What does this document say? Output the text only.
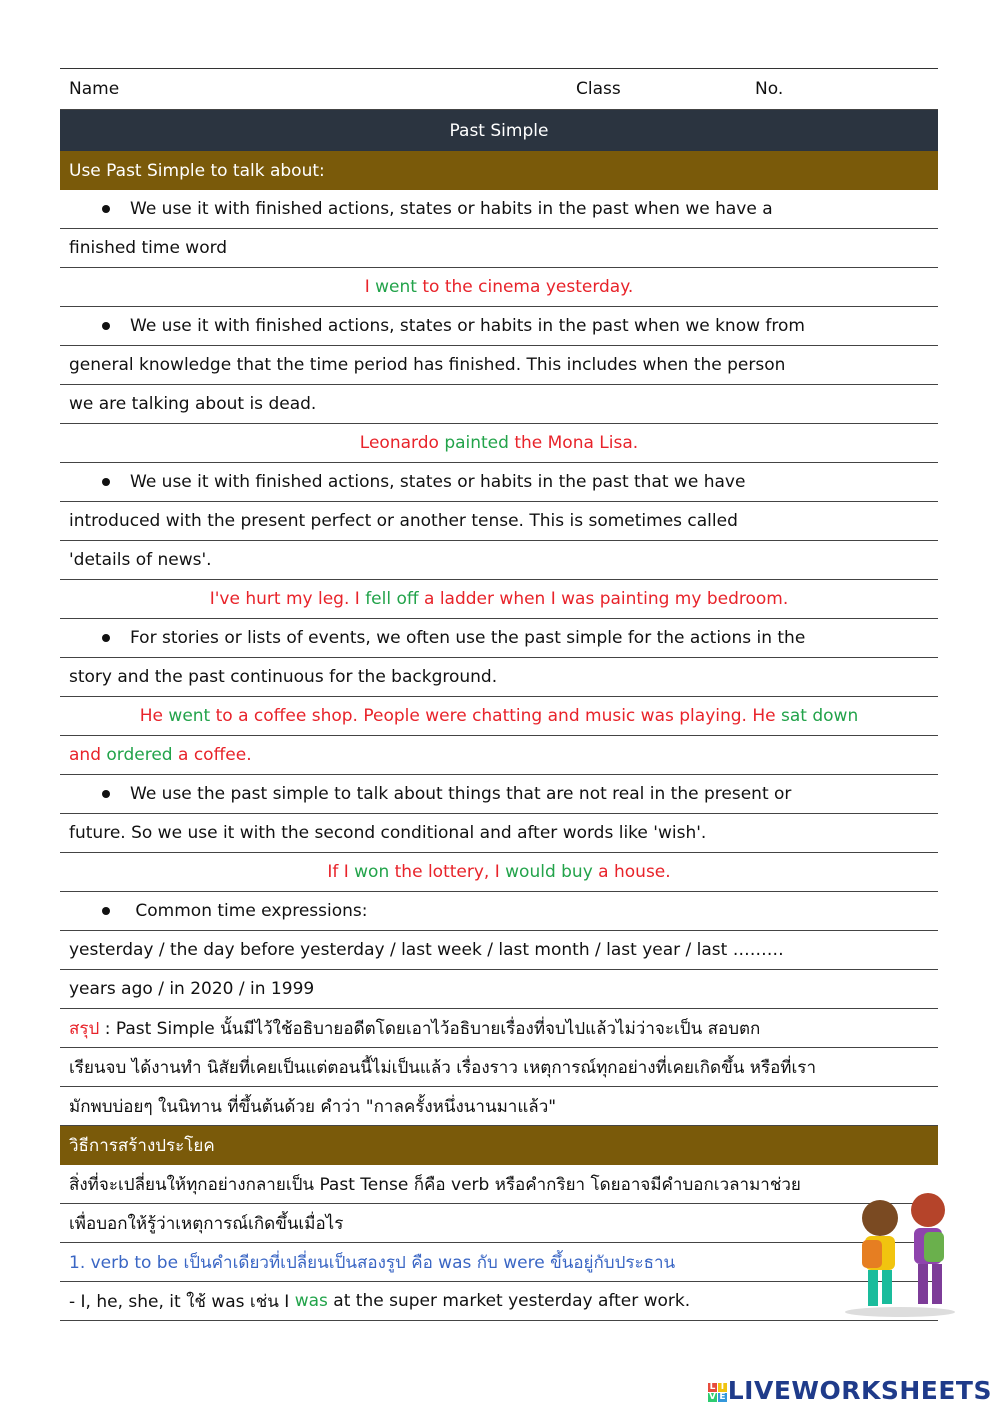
Name	Class	No.
Past Simple
Use Past Simple to talk about:
We use it with finished actions, states or habits in the past when we have a
finished time word
I went to the cinema yesterday.
We use it with finished actions, states or habits in the past when we know from
general knowledge that the time period has finished. This includes when the person
we are talking about is dead.
Leonardo painted the Mona Lisa.
We use it with finished actions, states or habits in the past that we have
introduced with the present perfect or another tense. This is sometimes called
'details of news'.
I've hurt my leg. I fell off a ladder when I was painting my bedroom.
For stories or lists of events, we often use the past simple for the actions in the
story and the past continuous for the background.
He went to a coffee shop. People were chatting and music was playing. He sat down
and ordered a coffee.
We use the past simple to talk about things that are not real in the present or
future. So we use it with the second conditional and after words like 'wish'.
If I won the lottery, I would buy a house.
Common time expressions:
yesterday / the day before yesterday / last week / last month / last year / last ………
years ago / in 2020 / in 1999
สรุป : Past Simple นั้นมีไว้ใช้อธิบายอดีตโดยเอาไว้อธิบายเรื่องที่จบไปแล้วไม่ว่าจะเป็น สอบตก
เรียนจบ ได้งานทำ นิสัยที่เคยเป็นแต่ตอนนี้ไม่เป็นแล้ว เรื่องราว เหตุการณ์ทุกอย่างที่เคยเกิดขึ้น หรือที่เรา
มักพบบ่อยๆ ในนิทาน ที่ขึ้นต้นด้วย คำว่า "กาลครั้งหนึ่งนานมาแล้ว"
วิธีการสร้างประโยค
สิ่งที่จะเปลี่ยนให้ทุกอย่างกลายเป็น Past Tense ก็คือ verb หรือคำกริยา โดยอาจมีคำบอกเวลามาช่วย
เพื่อบอกให้รู้ว่าเหตุการณ์เกิดขึ้นเมื่อไร
1. verb to be เป็นคำเดียวที่เปลี่ยนเป็นสองรูป คือ was กับ were ขึ้นอยู่กับประธาน
- I, he, she, it ใช้ was เช่น I was at the super market yesterday after work.
L IV ELIVEWORKSHEETS
